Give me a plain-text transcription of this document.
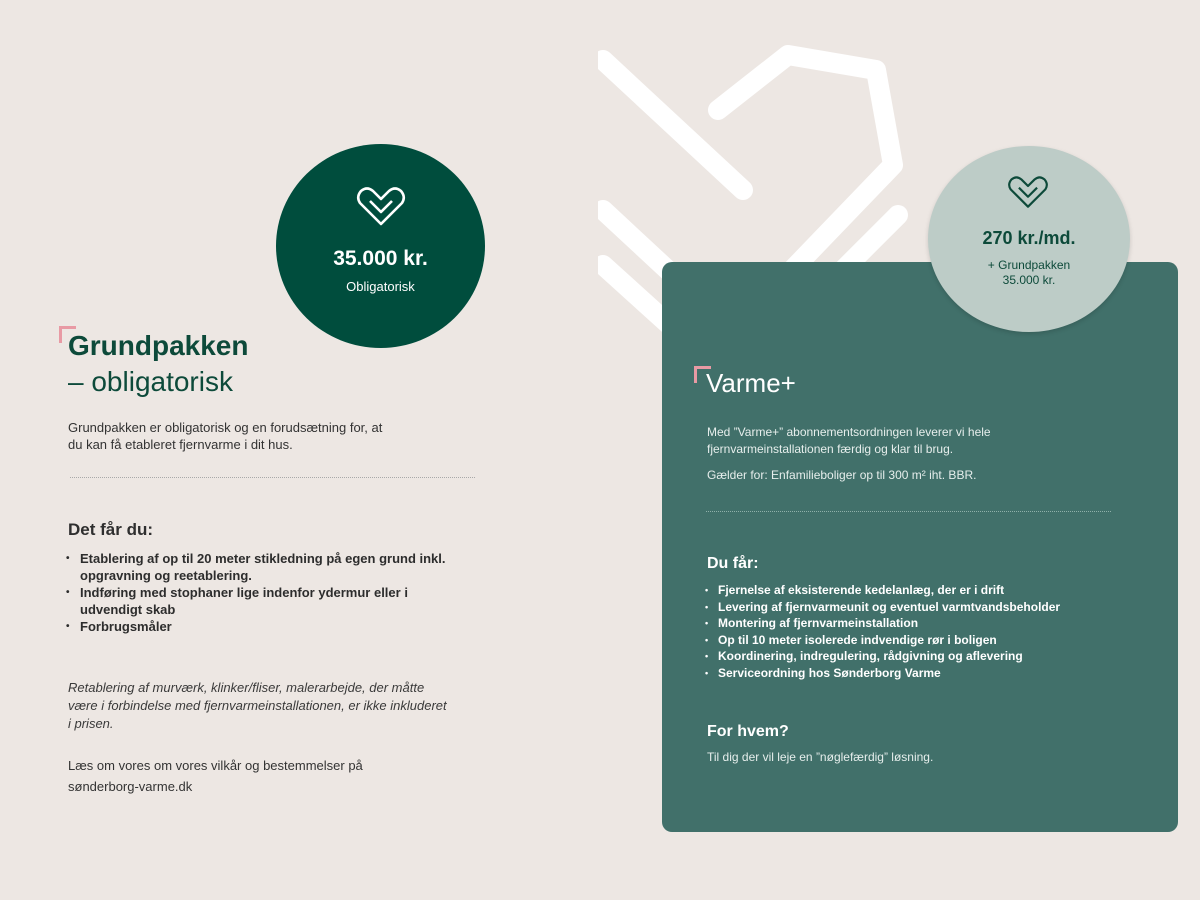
35.000 kr.
Obligatorisk
Grundpakken
– obligatorisk
Grundpakken er obligatorisk og en forudsætning for, at du kan få etableret fjernvarme i dit hus.
Det får du:
• Etablering af op til 20 meter stikledning på egen grund inkl. opgravning og reetablering.
• Indføring med stophaner lige indenfor ydermur eller i udvendigt skab
• Forbrugsmåler
Retablering af murværk, klinker/fliser, malerarbejde, der måtte være i forbindelse med fjernvarmeinstallationen, er ikke inkluderet i prisen.
Læs om vores om vores vilkår og bestemmelser på sønderborg-varme.dk
270 kr./md.
+ Grundpakken
35.000 kr.
Varme+
Med ”Varme+” abonnementsordningen leverer vi hele fjernvarmeinstallationen færdig og klar til brug.
Gælder for: Enfamilieboliger op til 300 m² iht. BBR.
Du får:
• Fjernelse af eksisterende kedelanlæg, der er i drift
• Levering af fjernvarmeunit og eventuel varmtvandsbeholder
• Montering af fjernvarmeinstallation
• Op til 10 meter isolerede indvendige rør i boligen
• Koordinering, indregulering, rådgivning og aflevering
• Serviceordning hos Sønderborg Varme
For hvem?
Til dig der vil leje en ”nøglefærdig” løsning.
